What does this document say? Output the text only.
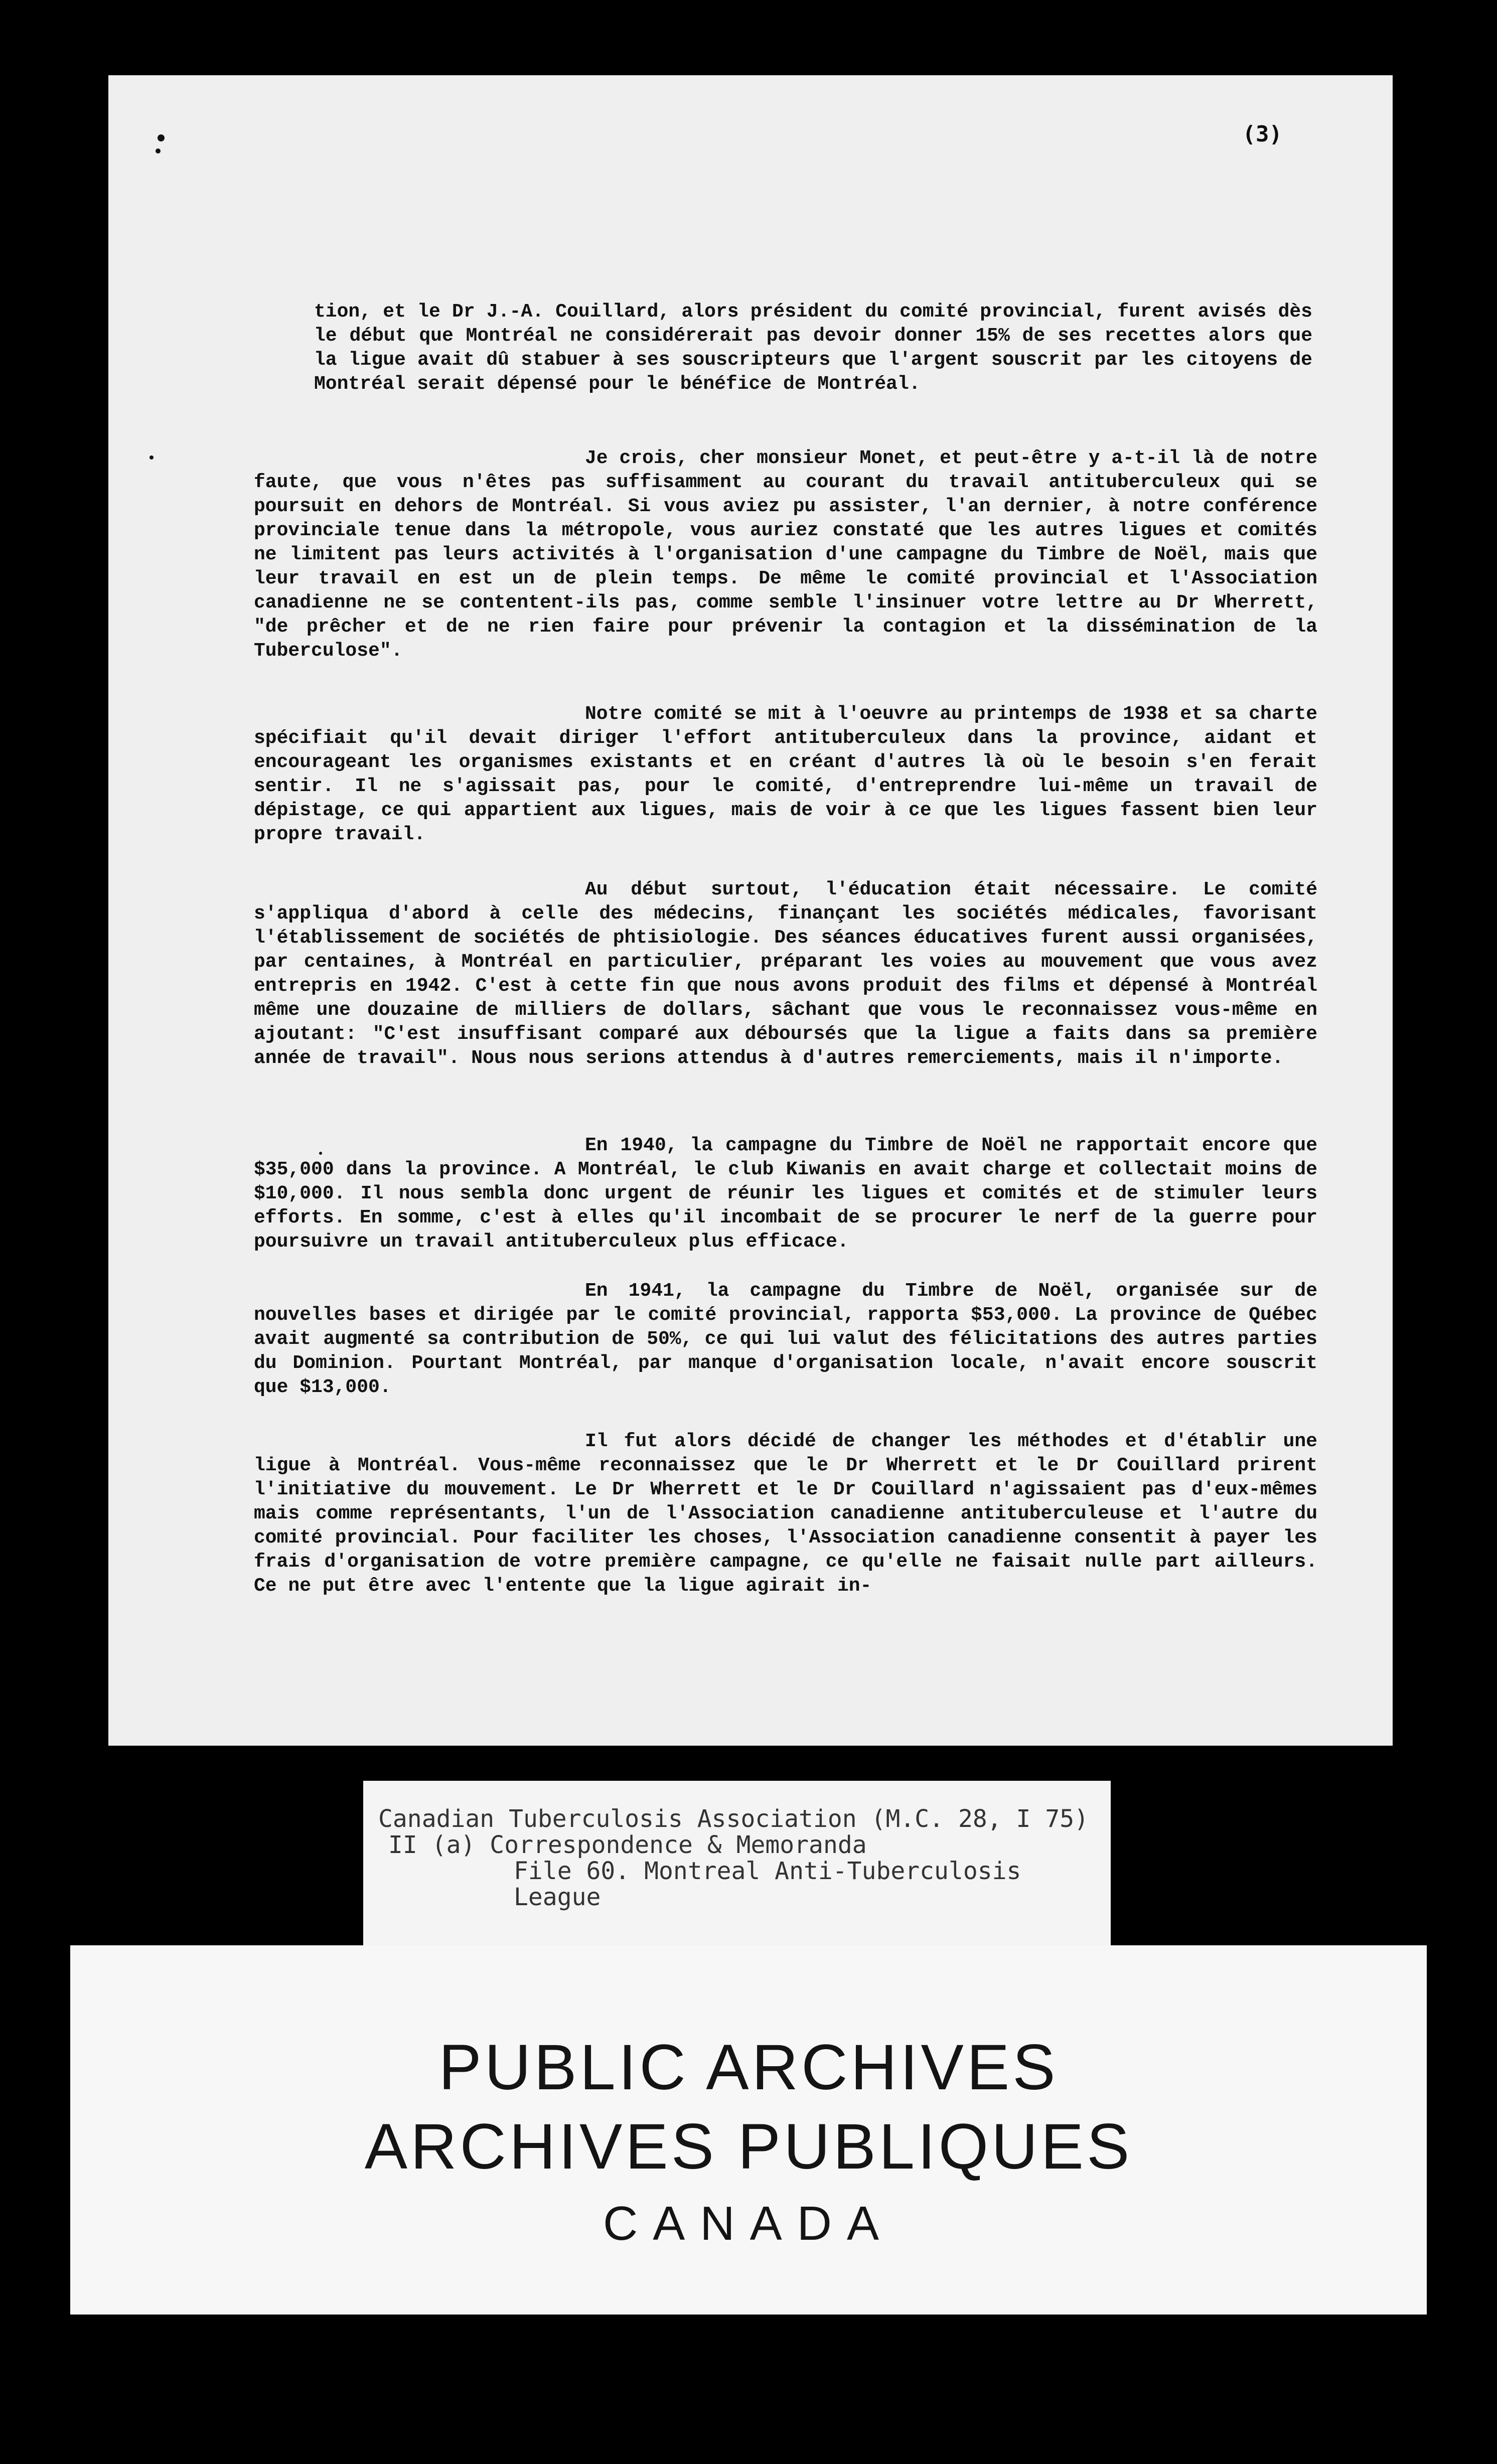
(3)
tion, et le Dr J.-A. Couillard, alors président du comité provincial, furent avisés dès le début que Montréal ne considérerait pas devoir donner 15% de ses recettes alors que la ligue avait dû stabuer à ses souscripteurs que l'argent souscrit par les citoyens de Montréal serait dépensé pour le bénéfice de Montréal.
Je crois, cher monsieur Monet, et peut-être y a-t-il là de notre faute, que vous n'êtes pas suffisamment au courant du travail antituberculeux qui se poursuit en dehors de Montréal. Si vous aviez pu assister, l'an dernier, à notre conférence provinciale tenue dans la métropole, vous auriez constaté que les autres ligues et comités ne limitent pas leurs activités à l'organisation d'une campagne du Timbre de Noël, mais que leur travail en est un de plein temps. De même le comité provincial et l'Association canadienne ne se contentent-ils pas, comme semble l'insinuer votre lettre au Dr Wherrett, "de prêcher et de ne rien faire pour prévenir la contagion et la dissémination de la Tuberculose".
Notre comité se mit à l'oeuvre au printemps de 1938 et sa charte spécifiait qu'il devait diriger l'effort antituberculeux dans la province, aidant et encourageant les organismes existants et en créant d'autres là où le besoin s'en ferait sentir. Il ne s'agissait pas, pour le comité, d'entreprendre lui-même un travail de dépistage, ce qui appartient aux ligues, mais de voir à ce que les ligues fassent bien leur propre travail.
Au début surtout, l'éducation était nécessaire. Le comité s'appliqua d'abord à celle des médecins, finançant les sociétés médicales, favorisant l'établissement de sociétés de phtisiologie. Des séances éducatives furent aussi organisées, par centaines, à Montréal en particulier, préparant les voies au mouvement que vous avez entrepris en 1942. C'est à cette fin que nous avons produit des films et dépensé à Montréal même une douzaine de milliers de dollars, sâchant que vous le reconnaissez vous-même en ajoutant: "C'est insuffisant comparé aux déboursés que la ligue a faits dans sa première année de travail". Nous nous serions attendus à d'autres remerciements, mais il n'importe.
En 1940, la campagne du Timbre de Noël ne rapportait encore que $35,000 dans la province. A Montréal, le club Kiwanis en avait charge et collectait moins de $10,000. Il nous sembla donc urgent de réunir les ligues et comités et de stimuler leurs efforts. En somme, c'est à elles qu'il incombait de se procurer le nerf de la guerre pour poursuivre un travail antituberculeux plus efficace.
En 1941, la campagne du Timbre de Noël, organisée sur de nouvelles bases et dirigée par le comité provincial, rapporta $53,000. La province de Québec avait augmenté sa contribution de 50%, ce qui lui valut des félicitations des autres parties du Dominion. Pourtant Montréal, par manque d'organisation locale, n'avait encore souscrit que $13,000.
Il fut alors décidé de changer les méthodes et d'établir une ligue à Montréal. Vous-même reconnaissez que le Dr Wherrett et le Dr Couillard prirent l'initiative du mouvement. Le Dr Wherrett et le Dr Couillard n'agissaient pas d'eux-mêmes mais comme représentants, l'un de l'Association canadienne antituberculeuse et l'autre du comité provincial. Pour faciliter les choses, l'Association canadienne consentit à payer les frais d'organisation de votre première campagne, ce qu'elle ne faisait nulle part ailleurs. Ce ne put être avec l'entente que la ligue agirait in-
Canadian Tuberculosis Association (M.C. 28, I 75)
II (a) Correspondence & Memoranda
File 60. Montreal Anti-Tuberculosis
League
PUBLIC ARCHIVES
ARCHIVES PUBLIQUES
CANADA
